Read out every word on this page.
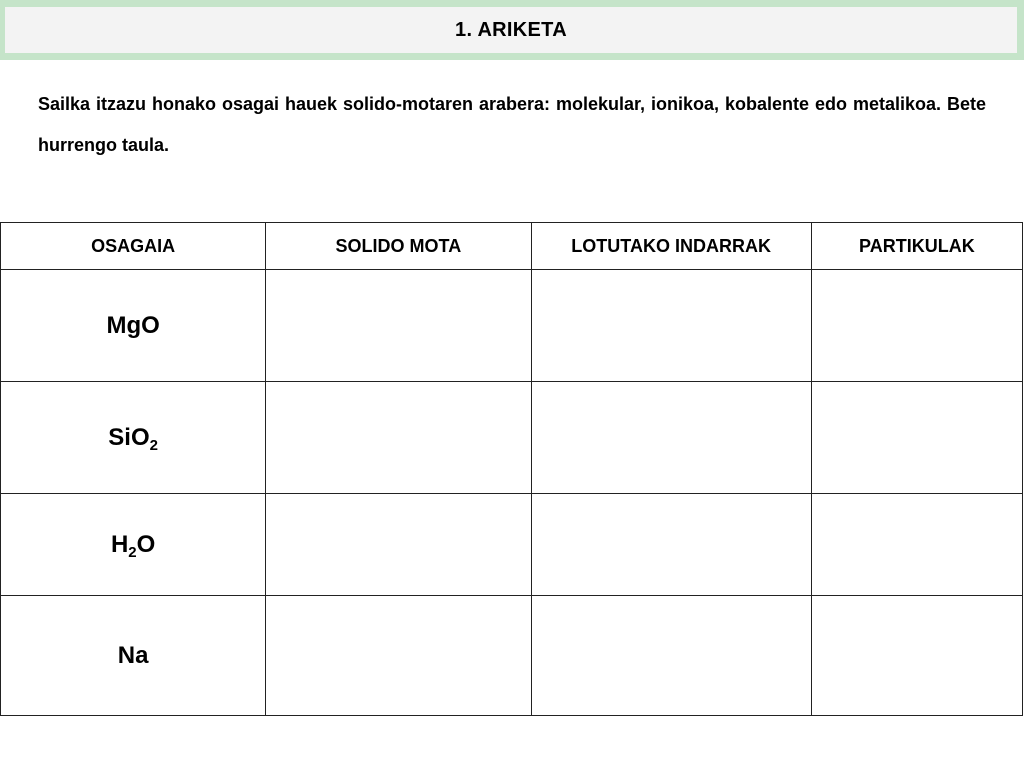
1. ARIKETA
Sailka itzazu honako osagai hauek solido-motaren arabera: molekular, ionikoa, kobalente edo metalikoa. Bete hurrengo taula.
OSAGAIA	SOLIDO MOTA	LOTUTAKO INDARRAK	PARTIKULAK
MgO			
SiO$_2$			
$H_2O$			
Na			
